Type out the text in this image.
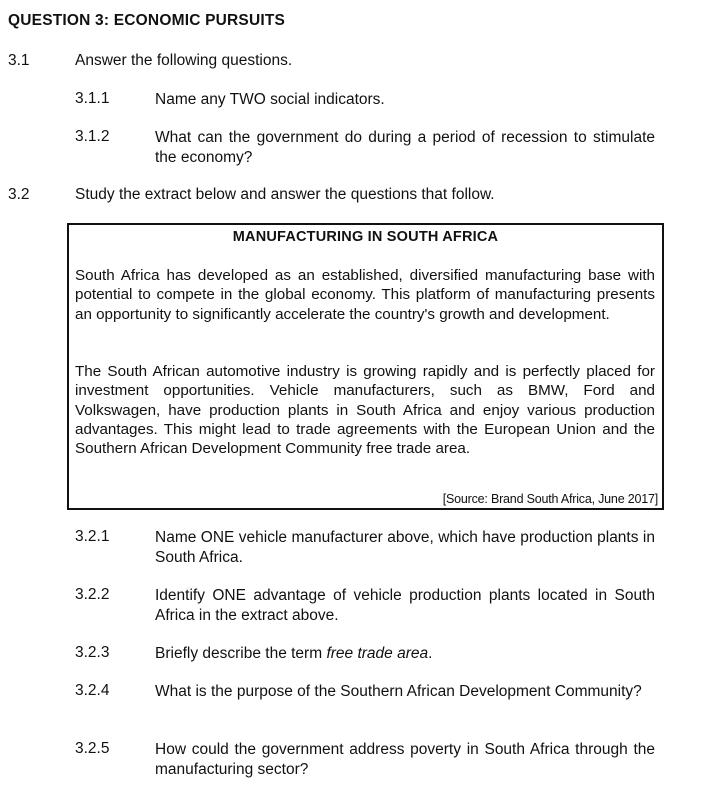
QUESTION 3: ECONOMIC PURSUITS
3.1	Answer the following questions.
3.1.1	Name any TWO social indicators.
3.1.2	What can the government do during a period of recession to stimulate the economy?
3.2	Study the extract below and answer the questions that follow.
MANUFACTURING IN SOUTH AFRICA
South Africa has developed as an established, diversified manufacturing base with potential to compete in the global economy. This platform of manufacturing presents an opportunity to significantly accelerate the country's growth and development.
The South African automotive industry is growing rapidly and is perfectly placed for investment opportunities. Vehicle manufacturers, such as BMW, Ford and Volkswagen, have production plants in South Africa and enjoy various production advantages. This might lead to trade agreements with the European Union and the Southern African Development Community free trade area.
[Source: Brand South Africa, June 2017]
3.2.1	Name ONE vehicle manufacturer above, which have production plants in South Africa.
3.2.2	Identify ONE advantage of vehicle production plants located in South Africa in the extract above.
3.2.3	Briefly describe the term free trade area.
3.2.4	What is the purpose of the Southern African Development Community?
3.2.5	How could the government address poverty in South Africa through the manufacturing sector?
